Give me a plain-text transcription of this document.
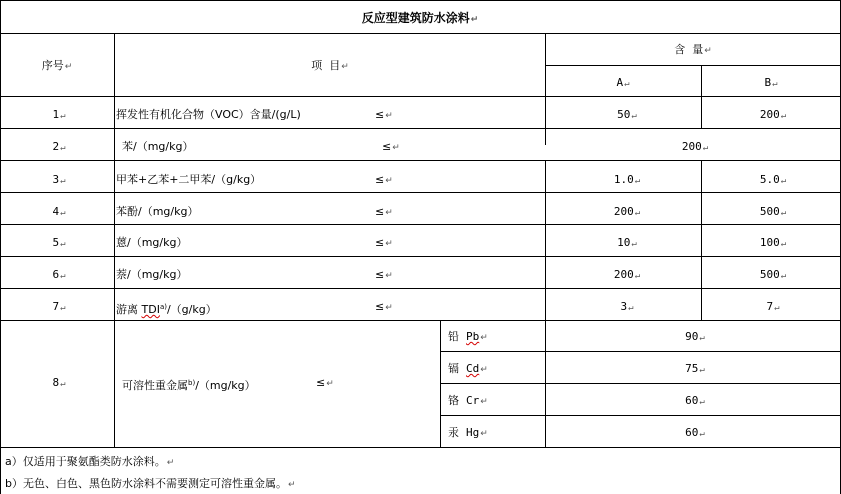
反应型建筑防水涂料↵
序号↵	项  目↵
含  量↵
A↵	B↵
1↵	挥发性有机化合物（VOC）含量/(g/L)	≤↵	50↵	200↵
2↵	苯/（mg/kg）	≤↵	200↵
3↵	甲苯+乙苯+二甲苯/（g/kg）	≤↵	1.0↵	5.0↵
4↵	苯酚/（mg/kg）	≤↵	200↵	500↵
5↵	蒽/（mg/kg）	≤↵	10↵	100↵
6↵	萘/（mg/kg）	≤↵	200↵	500↵
7↵	游离 $TDI^{a)}/(g/kg)$	≤↵	3↵	7↵
8↵	可溶性重金属$^{b)}$/（mg/kg）	≤↵
铅 Pb↵	90↵
镉 Cd↵	75↵
铬 Cr↵	60↵
汞 Hg↵	60↵
a）仅适用于聚氨酯类防水涂料。↵
b）无色、白色、黑色防水涂料不需要测定可溶性重金属。↵
